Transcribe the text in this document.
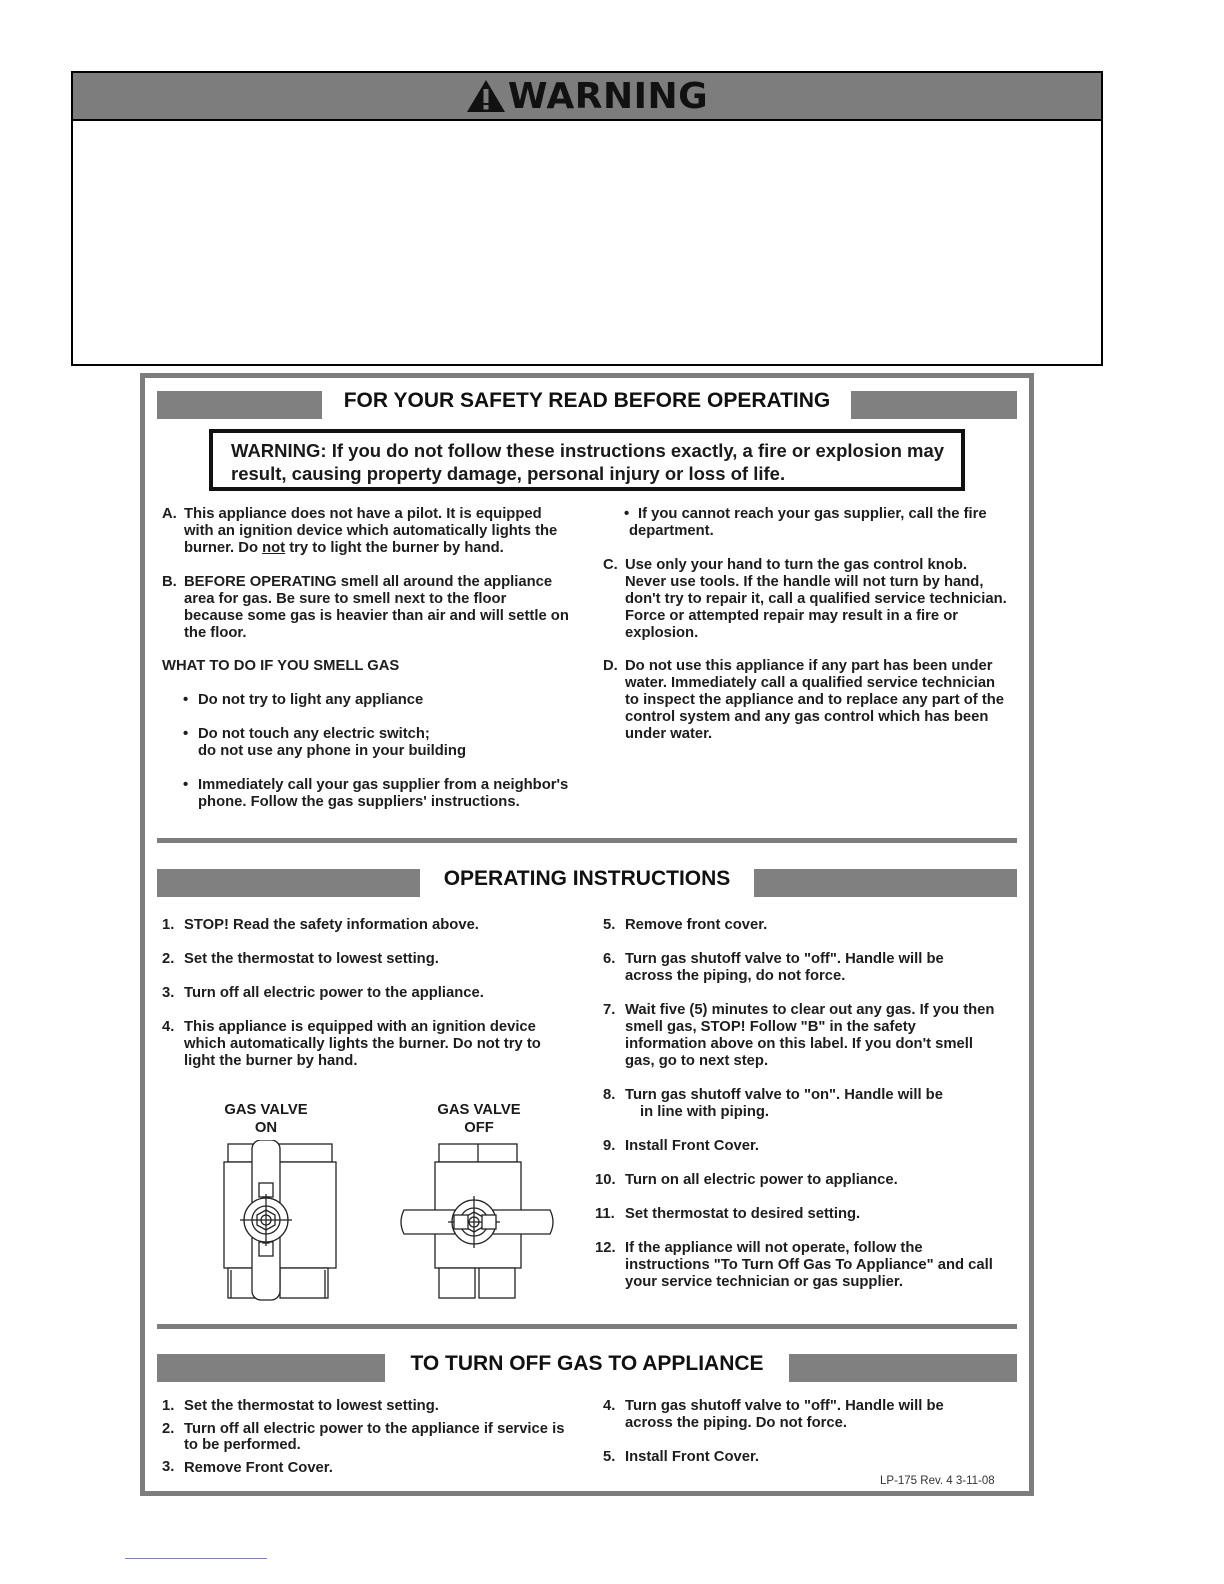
WARNING
FOR YOUR SAFETY READ BEFORE OPERATING
WARNING: If you do not follow these instructions exactly, a fire or explosion may
result, causing property damage, personal injury or loss of life.
A. This appliance does not have a pilot. It is equipped
with an ignition device which automatically lights the
burner. Do not try to light the burner by hand.
B. BEFORE OPERATING smell all around the appliance
area for gas. Be sure to smell next to the floor
because some gas is heavier than air and will settle on
the floor.
WHAT TO DO IF YOU SMELL GAS
• Do not try to light any appliance
• Do not touch any electric switch;
do not use any phone in your building
• Immediately call your gas supplier from a neighbor's
phone. Follow the gas suppliers' instructions.
• If you cannot reach your gas supplier, call the fire
department.
C. Use only your hand to turn the gas control knob.
Never use tools. If the handle will not turn by hand,
don't try to repair it, call a qualified service technician.
Force or attempted repair may result in a fire or
explosion.
D. Do not use this appliance if any part has been under
water. Immediately call a qualified service technician
to inspect the appliance and to replace any part of the
control system and any gas control which has been
under water.
OPERATING INSTRUCTIONS
1. STOP! Read the safety information above.
2. Set the thermostat to lowest setting.
3. Turn off all electric power to the appliance.
4. This appliance is equipped with an ignition device
which automatically lights the burner. Do not try to
light the burner by hand.
GAS VALVE
ON
GAS VALVE
OFF
5. Remove front cover.
6. Turn gas shutoff valve to "off". Handle will be
across the piping, do not force.
7. Wait five (5) minutes to clear out any gas. If you then
smell gas, STOP! Follow "B" in the safety
information above on this label. If you don't smell
gas, go to next step.
8. Turn gas shutoff valve to "on". Handle will be
in line with piping.
9. Install Front Cover.
10. Turn on all electric power to appliance.
11. Set thermostat to desired setting.
12. If the appliance will not operate, follow the
instructions "To Turn Off Gas To Appliance" and call
your service technician or gas supplier.
TO TURN OFF GAS TO APPLIANCE
1. Set the thermostat to lowest setting.
2. Turn off all electric power to the appliance if service is
to be performed.
3. Remove Front Cover.
4. Turn gas shutoff valve to "off". Handle will be
across the piping. Do not force.
5. Install Front Cover.
LP-175 Rev. 4 3-11-08
